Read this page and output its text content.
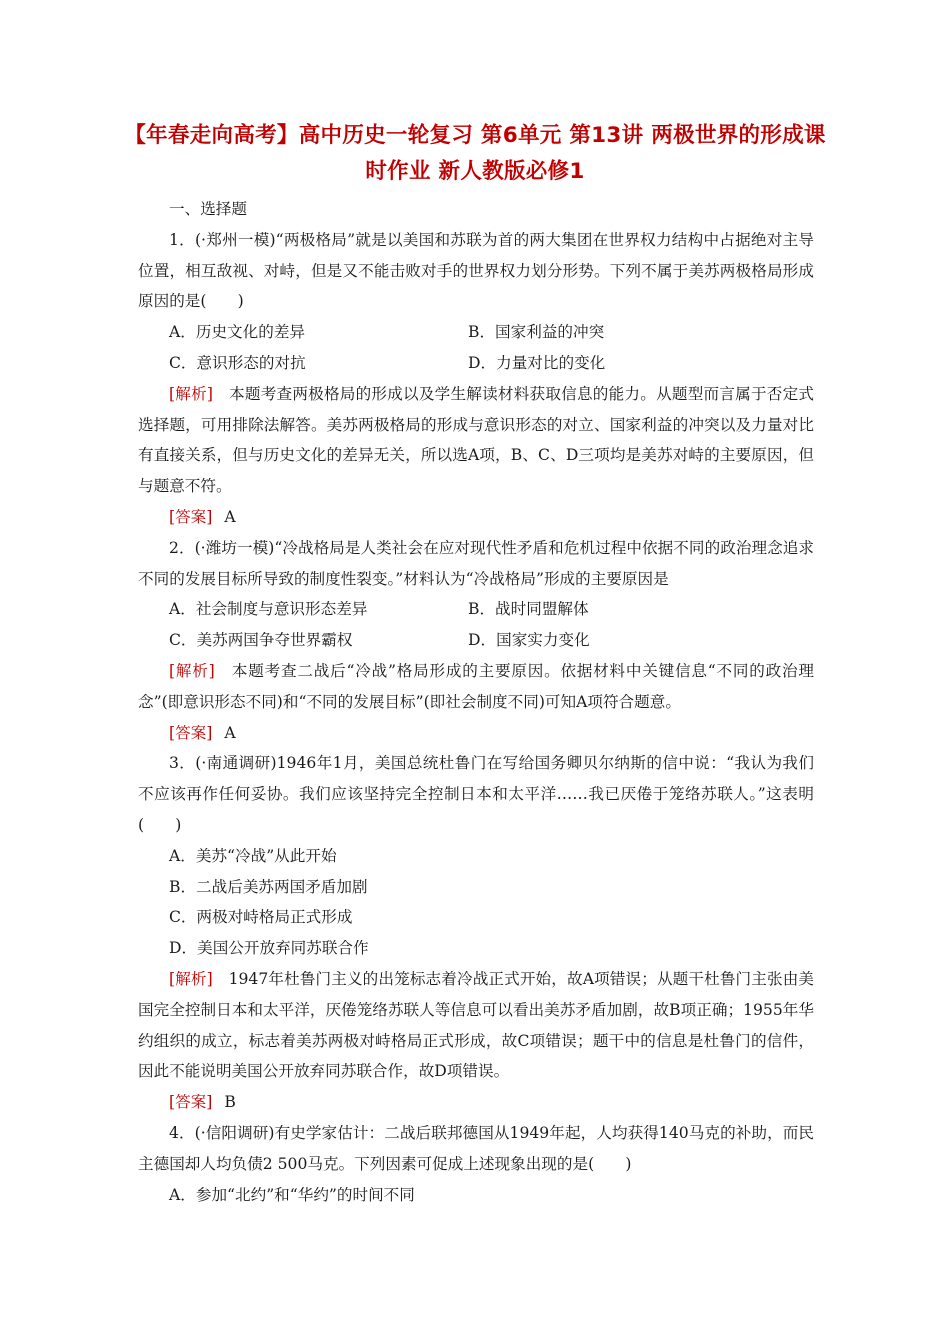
【年春走向高考】高中历史一轮复习 第6单元 第13讲 两极世界的形成课时作业 新人教版必修1

一、选择题

1．(·郑州一模)“两极格局”就是以美国和苏联为首的两大集团在世界权力结构中占据绝对主导位置，相互敌视、对峙，但是又不能击败对手的世界权力划分形势。下列不属于美苏两极格局形成原因的是(　　)

A．历史文化的差异	B．国家利益的冲突
C．意识形态的对抗	D．力量对比的变化

[解析]　本题考查两极格局的形成以及学生解读材料获取信息的能力。从题型而言属于否定式选择题，可用排除法解答。美苏两极格局的形成与意识形态的对立、国家利益的冲突以及力量对比有直接关系，但与历史文化的差异无关，所以选A项，B、C、D三项均是美苏对峙的主要原因，但与题意不符。

[答案] A

2．(·潍坊一模)“冷战格局是人类社会在应对现代性矛盾和危机过程中依据不同的政治理念追求不同的发展目标所导致的制度性裂变。”材料认为“冷战格局”形成的主要原因是

A．社会制度与意识形态差异	B．战时同盟解体
C．美苏两国争夺世界霸权	D．国家实力变化

[解析]　本题考查二战后“冷战”格局形成的主要原因。依据材料中关键信息“不同的政治理念”(即意识形态不同)和“不同的发展目标”(即社会制度不同)可知A项符合题意。

[答案] A

3．(·南通调研)1946年1月，美国总统杜鲁门在写给国务卿贝尔纳斯的信中说：“我认为我们不应该再作任何妥协。我们应该坚持完全控制日本和太平洋……我已厌倦于笼络苏联人。”这表明(　　)

A．美苏“冷战”从此开始

B．二战后美苏两国矛盾加剧

C．两极对峙格局正式形成

D．美国公开放弃同苏联合作

[解析]　1947年杜鲁门主义的出笼标志着冷战正式开始，故A项错误；从题干杜鲁门主张由美国完全控制日本和太平洋，厌倦笼络苏联人等信息可以看出美苏矛盾加剧，故B项正确；1955年华约组织的成立，标志着美苏两极对峙格局正式形成，故C项错误；题干中的信息是杜鲁门的信件，因此不能说明美国公开放弃同苏联合作，故D项错误。

[答案] B

4．(·信阳调研)有史学家估计：二战后联邦德国从1949年起，人均获得140马克的补助，而民主德国却人均负债2 500马克。下列因素可促成上述现象出现的是(　　)

A．参加“北约”和“华约”的时间不同
